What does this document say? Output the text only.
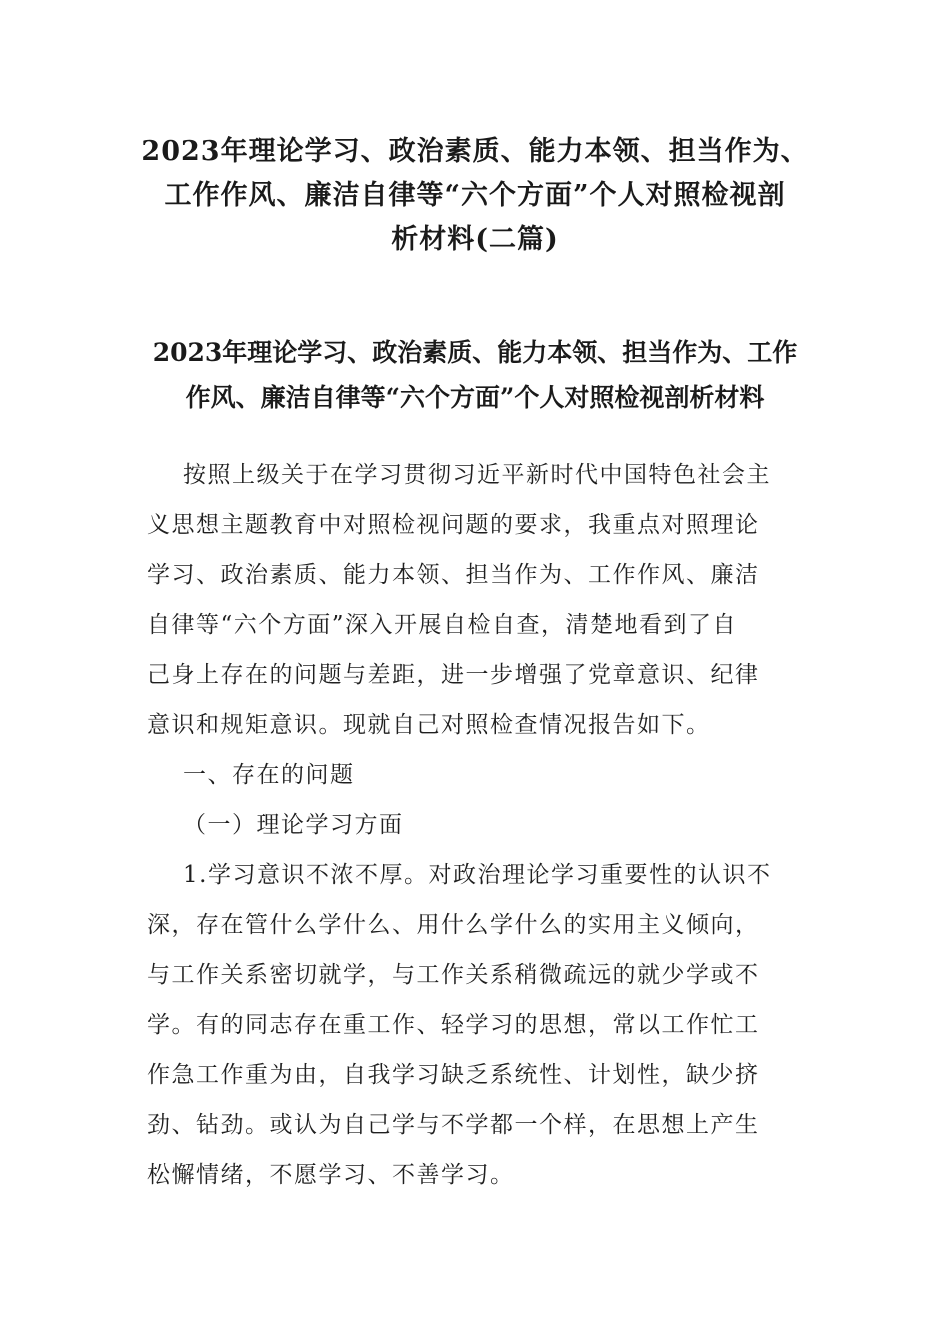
2023年理论学习、政治素质、能力本领、担当作为、
工作作风、廉洁自律等“六个方面”个人对照检视剖
析材料(二篇)
2023年理论学习、政治素质、能力本领、担当作为、工作
作风、廉洁自律等“六个方面”个人对照检视剖析材料
按照上级关于在学习贯彻习近平新时代中国特色社会主
义思想主题教育中对照检视问题的要求，我重点对照理论
学习、政治素质、能力本领、担当作为、工作作风、廉洁
自律等“六个方面”深入开展自检自查，清楚地看到了自
己身上存在的问题与差距，进一步增强了党章意识、纪律
意识和规矩意识。现就自己对照检查情况报告如下。
一、存在的问题
（一）理论学习方面
1.学习意识不浓不厚。对政治理论学习重要性的认识不
深，存在管什么学什么、用什么学什么的实用主义倾向，
与工作关系密切就学，与工作关系稍微疏远的就少学或不
学。有的同志存在重工作、轻学习的思想，常以工作忙工
作急工作重为由，自我学习缺乏系统性、计划性，缺少挤
劲、钻劲。或认为自己学与不学都一个样，在思想上产生
松懈情绪，不愿学习、不善学习。
